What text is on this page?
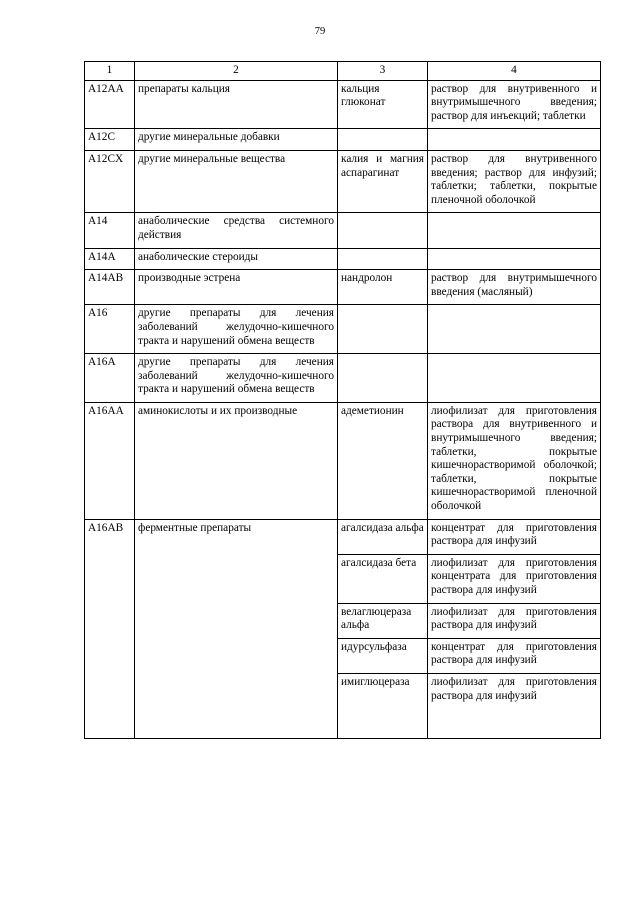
79
1	2	3	4
A12AA	препараты кальция	кальция глюконат	раствор для внутривенного и внутримышечного введения; раствор для инъекций; таблетки
A12C	другие минеральные добавки		
A12CX	другие минеральные вещества	калия и магния аспарагинат	раствор для внутривенного введения; раствор для инфузий; таблетки; таблетки, покрытые пленочной оболочкой
A14	анаболические средства системного действия		
A14A	анаболические стероиды		
A14AB	производные эстрена	нандролон	раствор для внутримышечного введения (масляный)
A16	другие препараты для лечения заболеваний желудочно-кишечного тракта и нарушений обмена веществ		
A16A	другие препараты для лечения заболеваний желудочно-кишечного тракта и нарушений обмена веществ		
A16AA	аминокислоты и их производные	адеметионин	лиофилизат для приготовления раствора для внутривенного и внутримышечного введения; таблетки, покрытые кишечнорастворимой оболочкой; таблетки, покрытые кишечнорастворимой пленочной оболочкой
A16AB	ферментные препараты	агалсидаза альфа	концентрат для приготовления раствора для инфузий
		агалсидаза бета	лиофилизат для приготовления концентрата для приготовления раствора для инфузий
		велаглюцераза альфа	лиофилизат для приготовления раствора для инфузий
		идурсульфаза	концентрат для приготовления раствора для инфузий
		имиглюцераза	лиофилизат для приготовления раствора для инфузий
